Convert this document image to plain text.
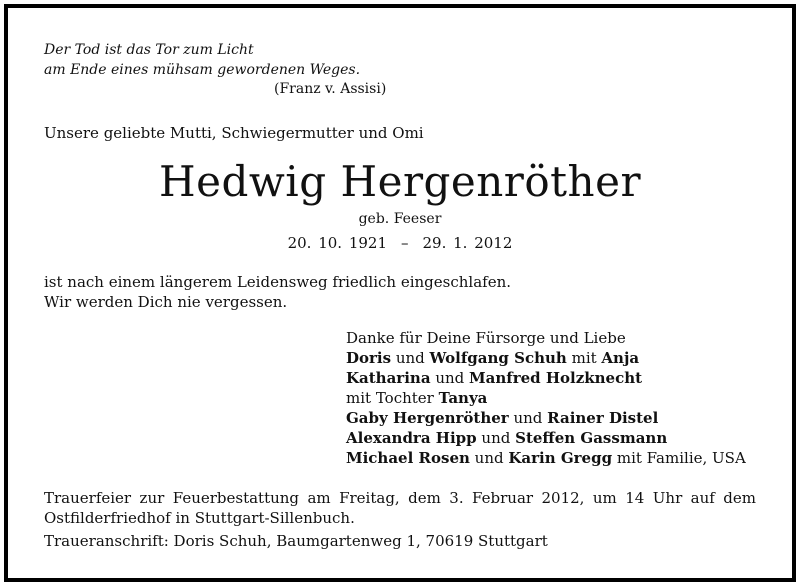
Der Tod ist das Tor zum Licht
am Ende eines mühsam gewordenen Weges.
(Franz v. Assisi)
Unsere geliebte Mutti, Schwiegermutter und Omi
Hedwig Hergenröther
geb. Feeser
20. 10. 1921 – 29. 1. 2012
ist nach einem längerem Leidensweg friedlich eingeschlafen.
Wir werden Dich nie vergessen.
Danke für Deine Fürsorge und Liebe
Doris und Wolfgang Schuh mit Anja
Katharina und Manfred Holzknecht
mit Tochter Tanya
Gaby Hergenröther und Rainer Distel
Alexandra Hipp und Steffen Gassmann
Michael Rosen und Karin Gregg mit Familie, USA
Trauerfeier zur Feuerbestattung am Freitag, dem 3. Februar 2012, um 14 Uhr auf dem Ostfilderfriedhof in Stuttgart-Sillenbuch.
Traueranschrift: Doris Schuh, Baumgartenweg 1, 70619 Stuttgart
